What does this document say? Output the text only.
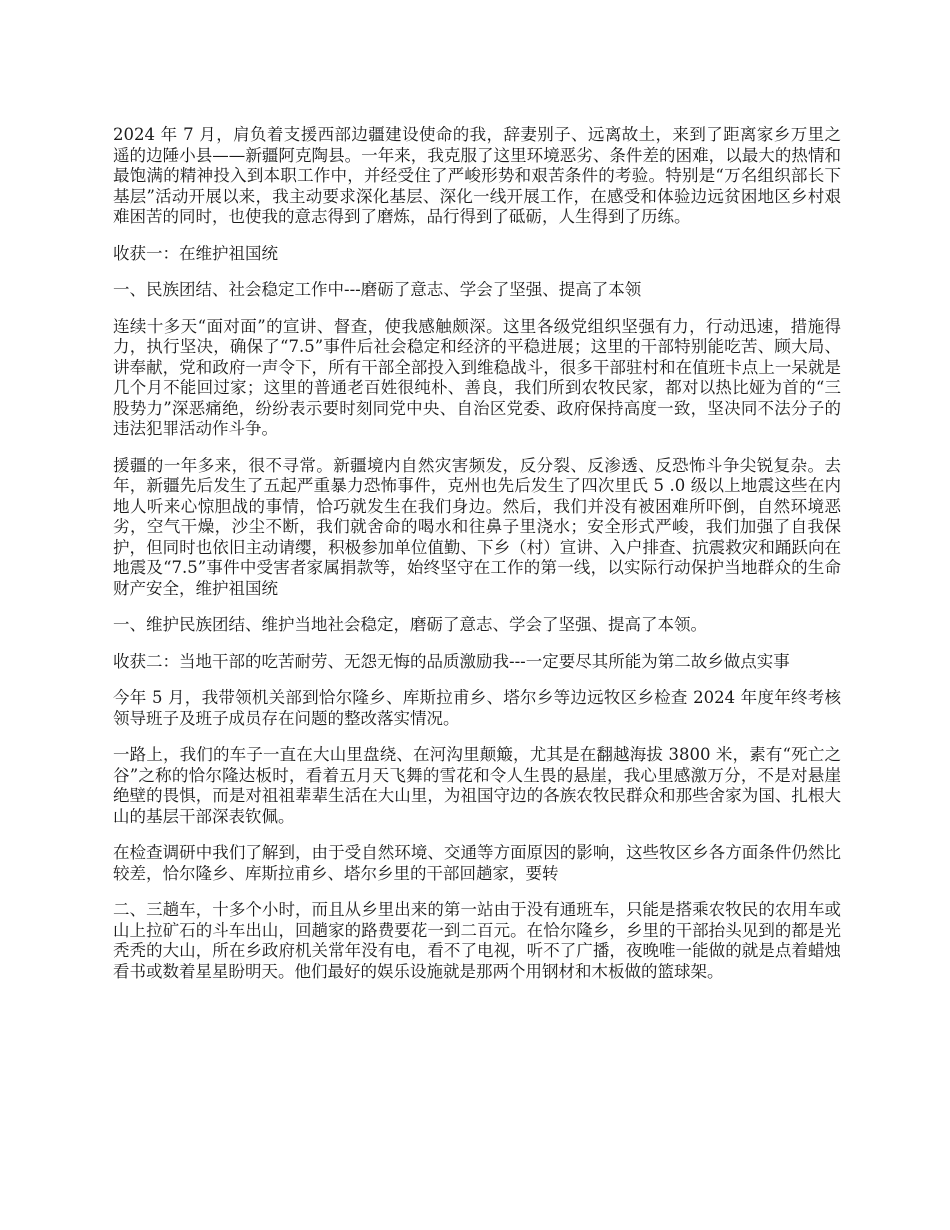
2024 年 7 月，肩负着支援西部边疆建设使命的我，辞妻别子、远离故土，来到了距离家乡万里之遥的边陲小县——新疆阿克陶县。一年来，我克服了这里环境恶劣、条件差的困难，以最大的热情和最饱满的精神投入到本职工作中，并经受住了严峻形势和艰苦条件的考验。特别是“万名组织部长下基层”活动开展以来，我主动要求深化基层、深化一线开展工作，在感受和体验边远贫困地区乡村艰难困苦的同时，也使我的意志得到了磨炼，品行得到了砥砺，人生得到了历练。

收获一：在维护祖国统

一、民族团结、社会稳定工作中---磨砺了意志、学会了坚强、提高了本领

连续十多天“面对面”的宣讲、督查，使我感触颇深。这里各级党组织坚强有力，行动迅速，措施得力，执行坚决，确保了“7.5”事件后社会稳定和经济的平稳进展；这里的干部特别能吃苦、顾大局、讲奉献，党和政府一声令下，所有干部全部投入到维稳战斗，很多干部驻村和在值班卡点上一呆就是几个月不能回过家；这里的普通老百姓很纯朴、善良，我们所到农牧民家，都对以热比娅为首的“三股势力”深恶痛绝，纷纷表示要时刻同党中央、自治区党委、政府保持高度一致，坚决同不法分子的违法犯罪活动作斗争。

援疆的一年多来，很不寻常。新疆境内自然灾害频发，反分裂、反渗透、反恐怖斗争尖锐复杂。去年，新疆先后发生了五起严重暴力恐怖事件，克州也先后发生了四次里氏 5 .0 级以上地震这些在内地人听来心惊胆战的事情，恰巧就发生在我们身边。然后，我们并没有被困难所吓倒，自然环境恶劣，空气干燥，沙尘不断，我们就舍命的喝水和往鼻子里浇水；安全形式严峻，我们加强了自我保护，但同时也依旧主动请缨，积极参加单位值勤、下乡（村）宣讲、入户排查、抗震救灾和踊跃向在地震及“7.5”事件中受害者家属捐款等，始终坚守在工作的第一线，以实际行动保护当地群众的生命财产安全，维护祖国统

一、维护民族团结、维护当地社会稳定，磨砺了意志、学会了坚强、提高了本领。

收获二：当地干部的吃苦耐劳、无怨无悔的品质激励我---一定要尽其所能为第二故乡做点实事

今年 5 月，我带领机关部到恰尔隆乡、库斯拉甫乡、塔尔乡等边远牧区乡检查 2024 年度年终考核领导班子及班子成员存在问题的整改落实情况。

一路上，我们的车子一直在大山里盘绕、在河沟里颠簸，尤其是在翻越海拔 3800 米，素有“死亡之谷”之称的恰尔隆达板时，看着五月天飞舞的雪花和令人生畏的悬崖，我心里感激万分，不是对悬崖绝壁的畏惧，而是对祖祖辈辈生活在大山里，为祖国守边的各族农牧民群众和那些舍家为国、扎根大山的基层干部深表钦佩。

在检查调研中我们了解到，由于受自然环境、交通等方面原因的影响，这些牧区乡各方面条件仍然比较差，恰尔隆乡、库斯拉甫乡、塔尔乡里的干部回趟家，要转

二、三趟车，十多个小时，而且从乡里出来的第一站由于没有通班车，只能是搭乘农牧民的农用车或山上拉矿石的斗车出山，回趟家的路费要花一到二百元。在恰尔隆乡，乡里的干部抬头见到的都是光秃秃的大山，所在乡政府机关常年没有电，看不了电视，听不了广播，夜晚唯一能做的就是点着蜡烛看书或数着星星盼明天。他们最好的娱乐设施就是那两个用钢材和木板做的篮球架。
